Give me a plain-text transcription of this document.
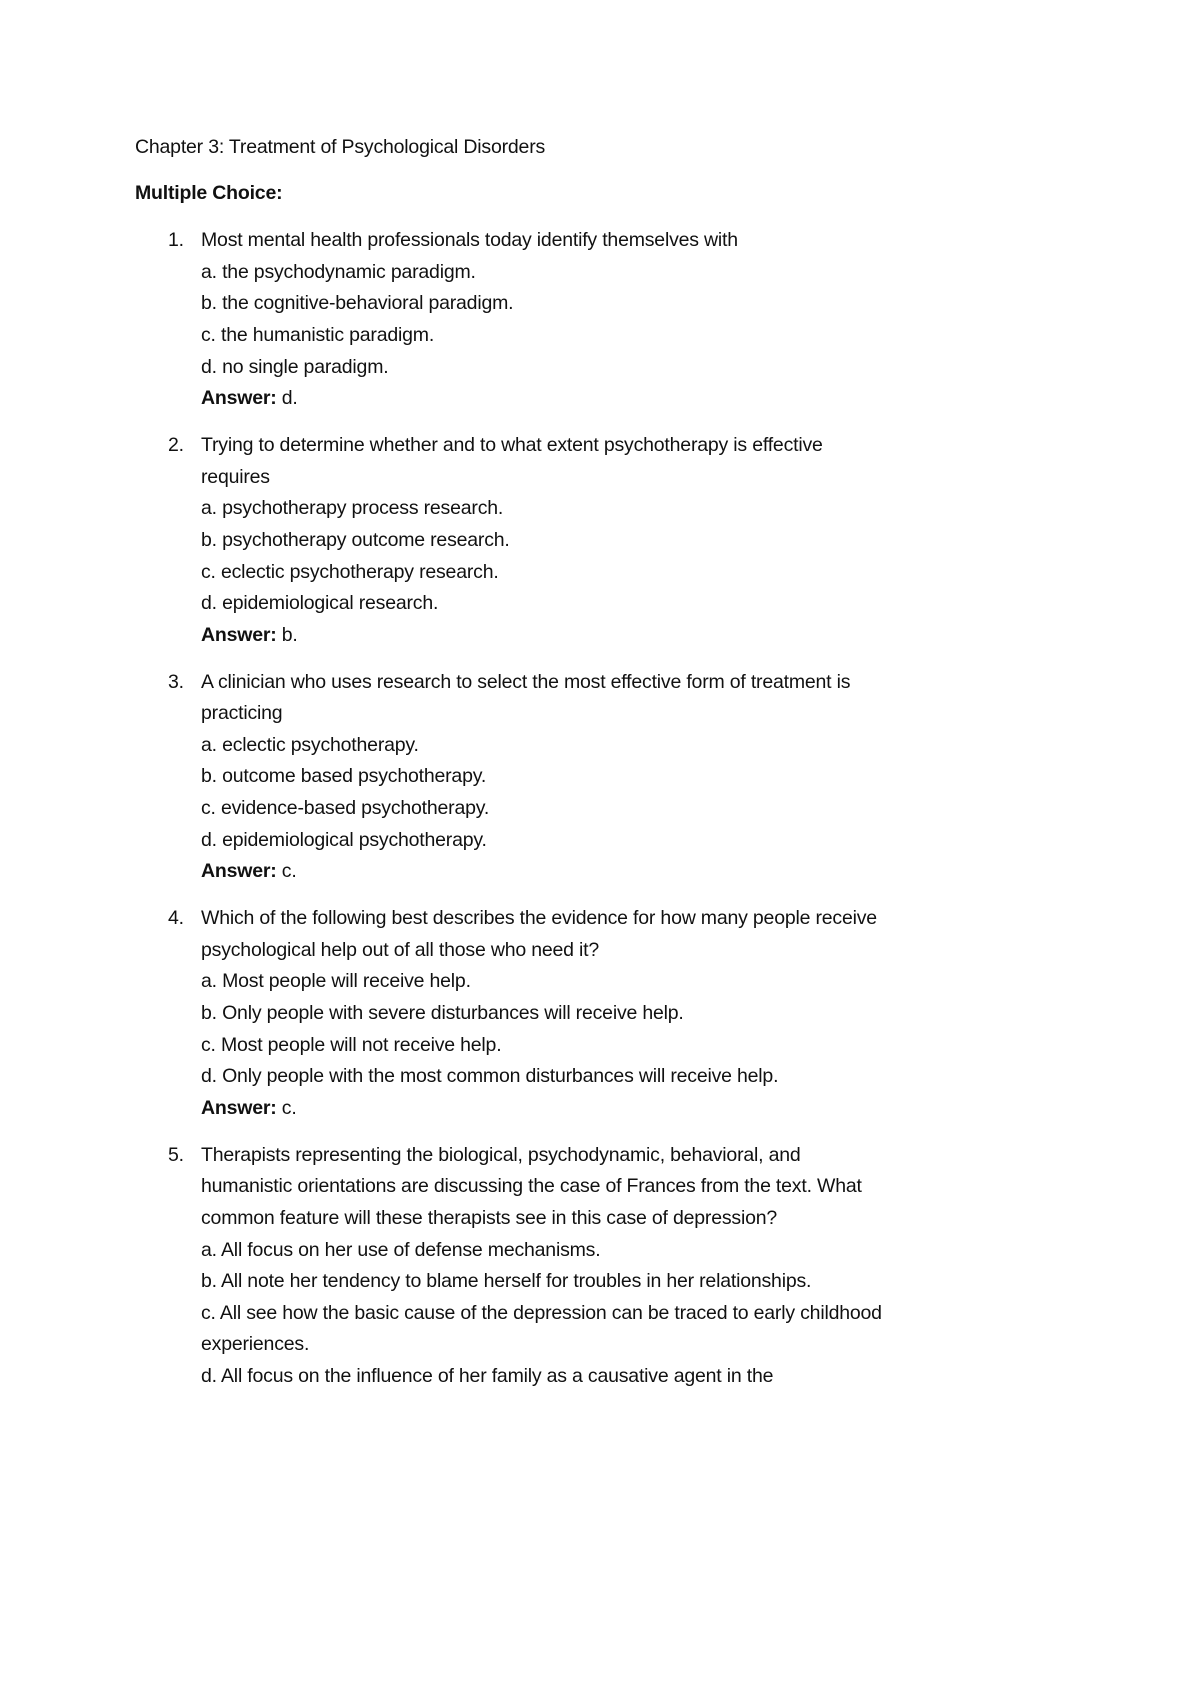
Chapter 3: Treatment of Psychological Disorders
Multiple Choice:
1. Most mental health professionals today identify themselves with
a. the psychodynamic paradigm.
b. the cognitive-behavioral paradigm.
c. the humanistic paradigm.
d. no single paradigm.
Answer: d.
2. Trying to determine whether and to what extent psychotherapy is effective
requires
a. psychotherapy process research.
b. psychotherapy outcome research.
c. eclectic psychotherapy research.
d. epidemiological research.
Answer: b.
3. A clinician who uses research to select the most effective form of treatment is
practicing
a. eclectic psychotherapy.
b. outcome based psychotherapy.
c. evidence-based psychotherapy.
d. epidemiological psychotherapy.
Answer: c.
4. Which of the following best describes the evidence for how many people receive
psychological help out of all those who need it?
a. Most people will receive help.
b. Only people with severe disturbances will receive help.
c. Most people will not receive help.
d. Only people with the most common disturbances will receive help.
Answer: c.
5. Therapists representing the biological, psychodynamic, behavioral, and
humanistic orientations are discussing the case of Frances from the text. What
common feature will these therapists see in this case of depression?
a. All focus on her use of defense mechanisms.
b. All note her tendency to blame herself for troubles in her relationships.
c. All see how the basic cause of the depression can be traced to early childhood
experiences.
d. All focus on the influence of her family as a causative agent in the
